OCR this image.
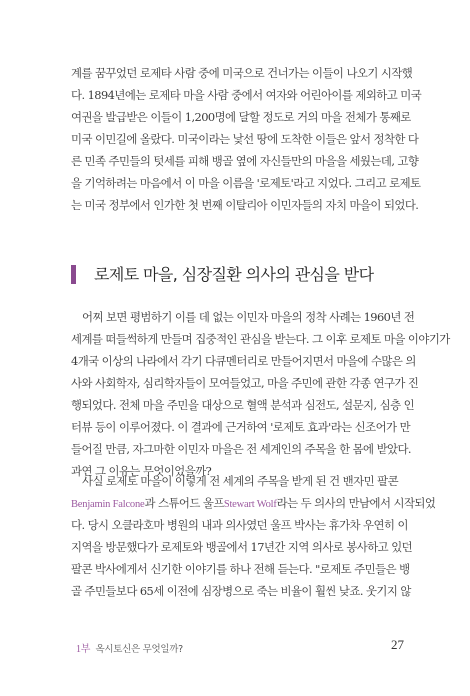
계를 꿈꾸었던 로제타 사람 중에 미국으로 건너가는 이들이 나오기 시작했
다. 1894년에는 로제타 마을 사람 중에서 여자와 어린아이를 제외하고 미국
여권을 발급받은 이들이 1,200명에 달할 정도로 거의 마을 전체가 통째로
미국 이민길에 올랐다. 미국이라는 낯선 땅에 도착한 이들은 앞서 정착한 다
른 민족 주민들의 텃세를 피해 뱅골 옆에 자신들만의 마을을 세웠는데, 고향
을 기억하려는 마음에서 이 마을 이름을 '로제토'라고 지었다. 그리고 로제토
는 미국 정부에서 인가한 첫 번째 이탈리아 이민자들의 자치 마을이 되었다.
로제토 마을, 심장질환 의사의 관심을 받다
어찌 보면 평범하기 이를 데 없는 이민자 마을의 정착 사례는 1960년 전
세계를 떠들썩하게 만들며 집중적인 관심을 받는다. 그 이후 로제토 마을 이야기가
4개국 이상의 나라에서 각기 다큐멘터리로 만들어지면서 마을에 수많은 의
사와 사회학자, 심리학자들이 모여들었고, 마을 주민에 관한 각종 연구가 진
행되었다. 전체 마을 주민을 대상으로 혈액 분석과 심전도, 설문지, 심층 인
터뷰 등이 이루어졌다. 이 결과에 근거하여 '로제토 효과'라는 신조어가 만
들어질 만큼, 자그마한 이민자 마을은 전 세계인의 주목을 한 몸에 받았다.
과연 그 이유는 무엇이었을까?
사실 로제토 마을이 이렇게 전 세계의 주목을 받게 된 건 밴자민 팔콘
Benjamin Falcone과 스튜어드 울프Stewart Wolf라는 두 의사의 만남에서 시작되었
다. 당시 오클라호마 병원의 내과 의사였던 울프 박사는 휴가차 우연히 이
지역을 방문했다가 로제토와 뱅골에서 17년간 지역 의사로 봉사하고 있던
팔콘 박사에게서 신기한 이야기를 하나 전해 듣는다. "로제토 주민들은 뱅
골 주민들보다 65세 이전에 심장병으로 죽는 비율이 훨씬 낮죠. 웃기지 않
1부 옥시토신은 무엇일까?	27
